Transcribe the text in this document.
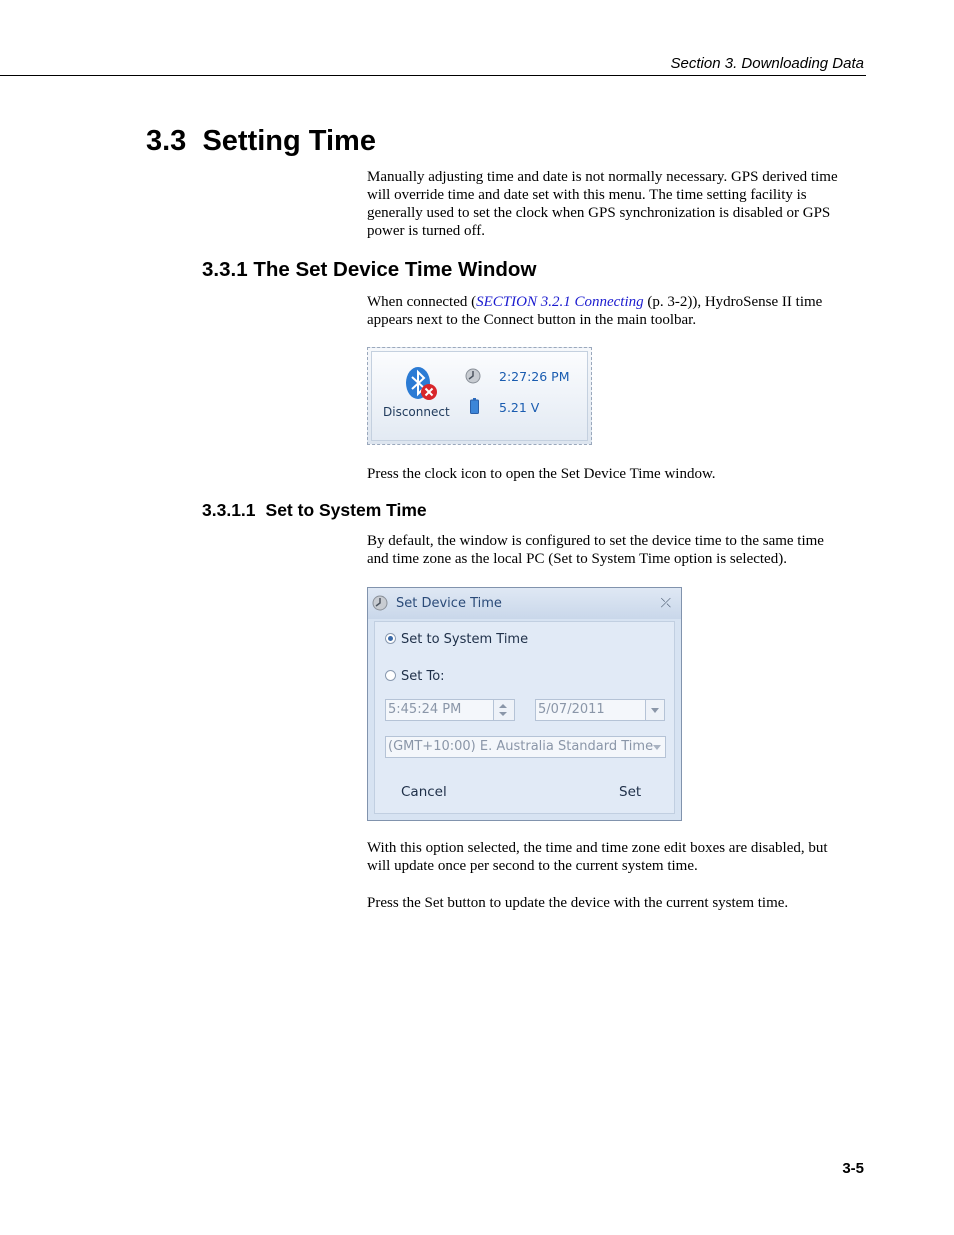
Section 3. Downloading Data
3.3 Setting Time

Manually adjusting time and date is not normally necessary. GPS derived time
will override time and date set with this menu. The time setting facility is
generally used to set the clock when GPS synchronization is disabled or GPS
power is turned off.

3.3.1 The Set Device Time Window

When connected (SECTION 3.2.1 Connecting (p. 3-2)), HydroSense II time
appears next to the Connect button in the main toolbar.

Disconnect
2:27:26 PM
5.21 V

Press the clock icon to open the Set Device Time window.

3.3.1.1 Set to System Time

By default, the window is configured to set the device time to the same time
and time zone as the local PC (Set to System Time option is selected).

Set Device Time	⤫
Set to System Time
Set To:
5:45:24 PM	5/07/2011
(GMT+10:00) E. Australia Standard Time
Cancel	Set

With this option selected, the time and time zone edit boxes are disabled, but
will update once per second to the current system time.

Press the Set button to update the device with the current system time.

3-5
